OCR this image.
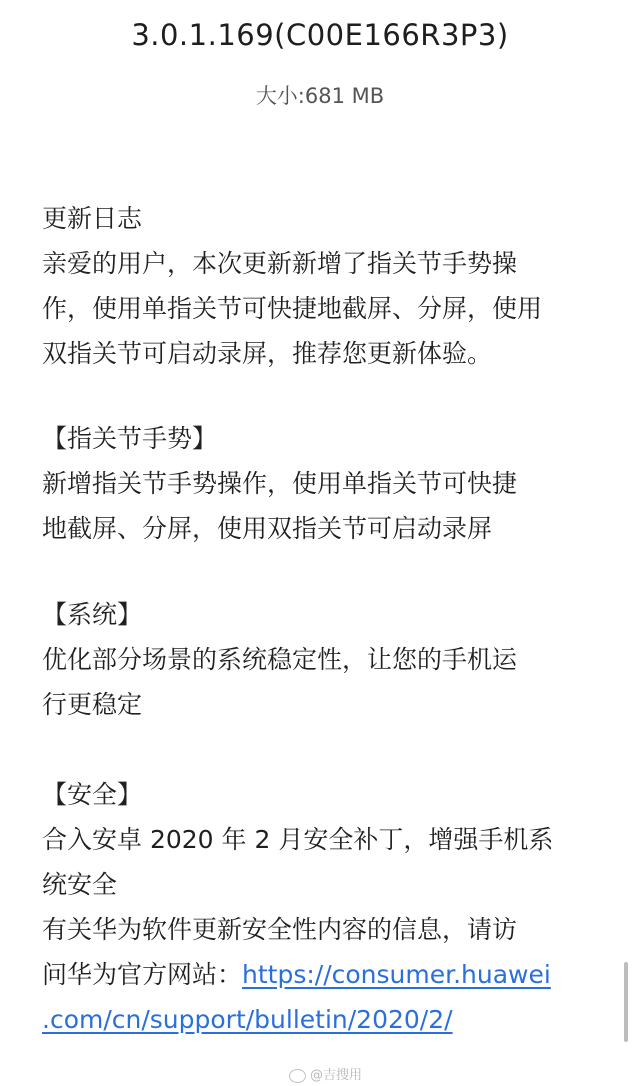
3.0.1.169(C00E166R3P3)
大小:681 MB
更新日志
亲爱的用户，本次更新新增了指关节手势操
作，使用单指关节可快捷地截屏、分屏，使用
双指关节可启动录屏，推荐您更新体验。
【指关节手势】
新增指关节手势操作，使用单指关节可快捷
地截屏、分屏，使用双指关节可启动录屏
【系统】
优化部分场景的系统稳定性，让您的手机运
行更稳定
【安全】
合入安卓 2020 年 2 月安全补丁，增强手机系
统安全
有关华为软件更新安全性内容的信息，请访
问华为官方网站：https://consumer.huawei
.com/cn/support/bulletin/2020/2/
@吉搜用
